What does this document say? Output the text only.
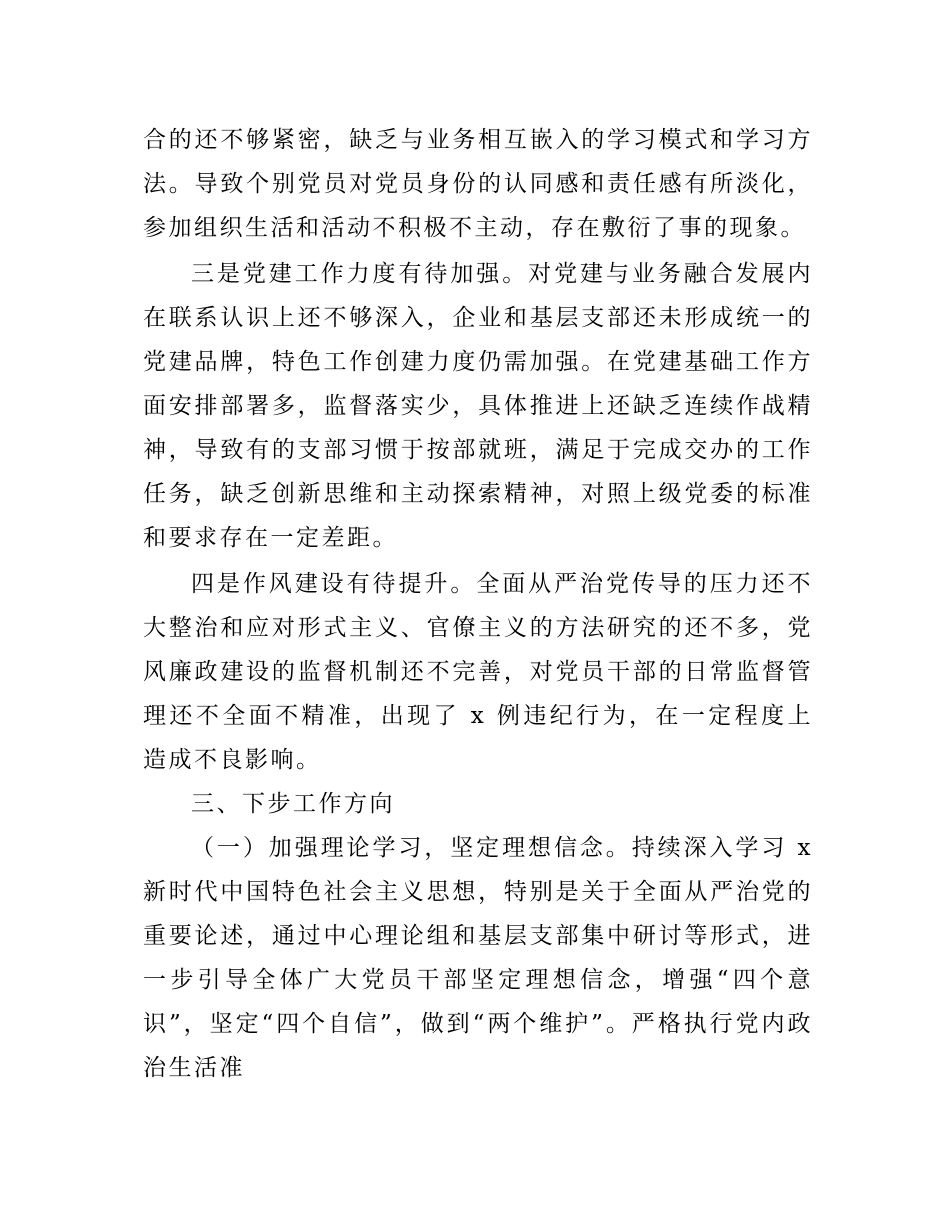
合的还不够紧密，缺乏与业务相互嵌入的学习模式和学习方法。导致个别党员对党员身份的认同感和责任感有所淡化，参加组织生活和活动不积极不主动，存在敷衍了事的现象。

三是党建工作力度有待加强。对党建与业务融合发展内在联系认识上还不够深入，企业和基层支部还未形成统一的党建品牌，特色工作创建力度仍需加强。在党建基础工作方面安排部署多，监督落实少，具体推进上还缺乏连续作战精神，导致有的支部习惯于按部就班，满足于完成交办的工作任务，缺乏创新思维和主动探索精神，对照上级党委的标准和要求存在一定差距。

四是作风建设有待提升。全面从严治党传导的压力还不大整治和应对形式主义、官僚主义的方法研究的还不多，党风廉政建设的监督机制还不完善，对党员干部的日常监督管理还不全面不精准，出现了 x 例违纪行为，在一定程度上造成不良影响。

三、下步工作方向

（一）加强理论学习，坚定理想信念。持续深入学习 x 新时代中国特色社会主义思想，特别是关于全面从严治党的重要论述，通过中心理论组和基层支部集中研讨等形式，进一步引导全体广大党员干部坚定理想信念，增强“四个意识”，坚定“四个自信”，做到“两个维护”。严格执行党内政治生活准
